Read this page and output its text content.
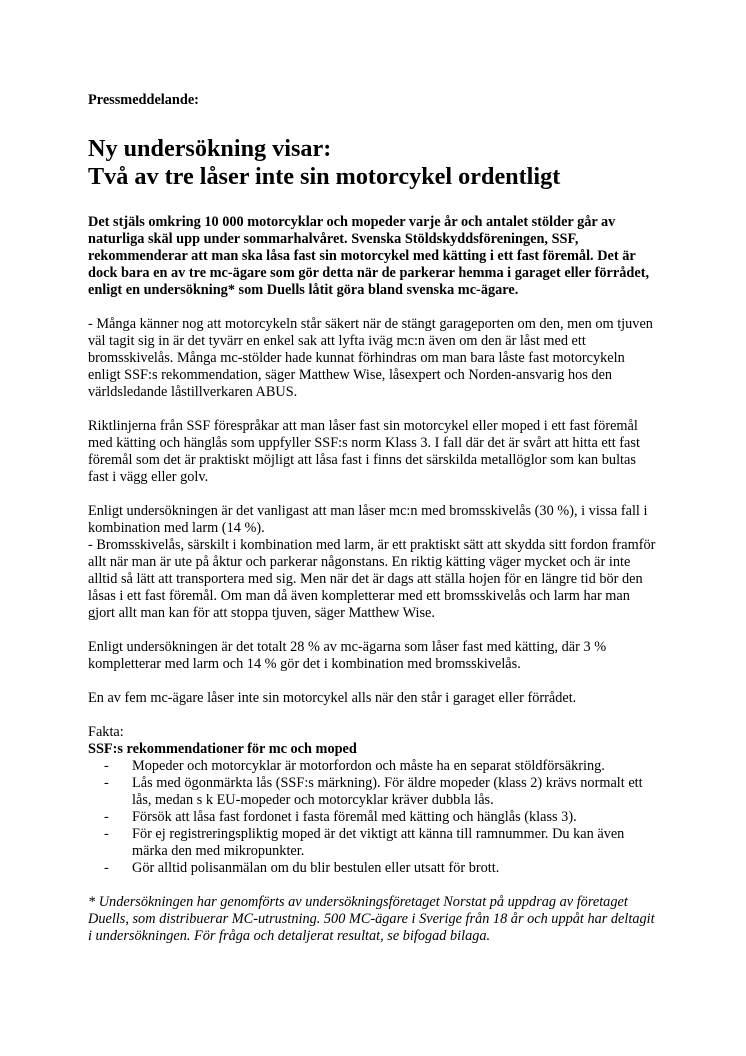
Pressmeddelande:

Ny undersökning visar:
Två av tre låser inte sin motorcykel ordentligt

Det stjäls omkring 10 000 motorcyklar och mopeder varje år och antalet stölder går av naturliga skäl upp under sommarhalvåret. Svenska Stöldskyddsföreningen, SSF, rekommenderar att man ska låsa fast sin motorcykel med kätting i ett fast föremål. Det är dock bara en av tre mc-ägare som gör detta när de parkerar hemma i garaget eller förrådet, enligt en undersökning* som Duells låtit göra bland svenska mc-ägare.

- Många känner nog att motorcykeln står säkert när de stängt garageporten om den, men om tjuven väl tagit sig in är det tyvärr en enkel sak att lyfta iväg mc:n även om den är låst med ett bromsskivelås. Många mc-stölder hade kunnat förhindras om man bara låste fast motorcykeln enligt SSF:s rekommendation, säger Matthew Wise, låsexpert och Norden-ansvarig hos den världsledande låstillverkaren ABUS.

Riktlinjerna från SSF förespråkar att man låser fast sin motorcykel eller moped i ett fast föremål med kätting och hänglås som uppfyller SSF:s norm Klass 3. I fall där det är svårt att hitta ett fast föremål som det är praktiskt möjligt att låsa fast i finns det särskilda metallöglor som kan bultas fast i vägg eller golv.

Enligt undersökningen är det vanligast att man låser mc:n med bromsskivelås (30 %), i vissa fall i kombination med larm (14 %).

- Bromsskivelås, särskilt i kombination med larm, är ett praktiskt sätt att skydda sitt fordon framför allt när man är ute på åktur och parkerar någonstans. En riktig kätting väger mycket och är inte alltid så lätt att transportera med sig. Men när det är dags att ställa hojen för en längre tid bör den låsas i ett fast föremål. Om man då även kompletterar med ett bromsskivelås och larm har man gjort allt man kan för att stoppa tjuven, säger Matthew Wise.

Enligt undersökningen är det totalt 28 % av mc-ägarna som låser fast med kätting, där 3 % kompletterar med larm och 14 % gör det i kombination med bromsskivelås.

En av fem mc-ägare låser inte sin motorcykel alls när den står i garaget eller förrådet.

Fakta:

SSF:s rekommendationer för mc och moped

- Mopeder och motorcyklar är motorfordon och måste ha en separat stöldförsäkring.
- Lås med ögonmärkta lås (SSF:s märkning). För äldre mopeder (klass 2) krävs normalt ett lås, medan s k EU-mopeder och motorcyklar kräver dubbla lås.
- Försök att låsa fast fordonet i fasta föremål med kätting och hänglås (klass 3).
- För ej registreringspliktig moped är det viktigt att känna till ramnummer. Du kan även märka den med mikropunkter.
- Gör alltid polisanmälan om du blir bestulen eller utsatt för brott.

* Undersökningen har genomförts av undersökningsföretaget Norstat på uppdrag av företaget Duells, som distribuerar MC-utrustning. 500 MC-ägare i Sverige från 18 år och uppåt har deltagit i undersökningen. För fråga och detaljerat resultat, se bifogad bilaga.
